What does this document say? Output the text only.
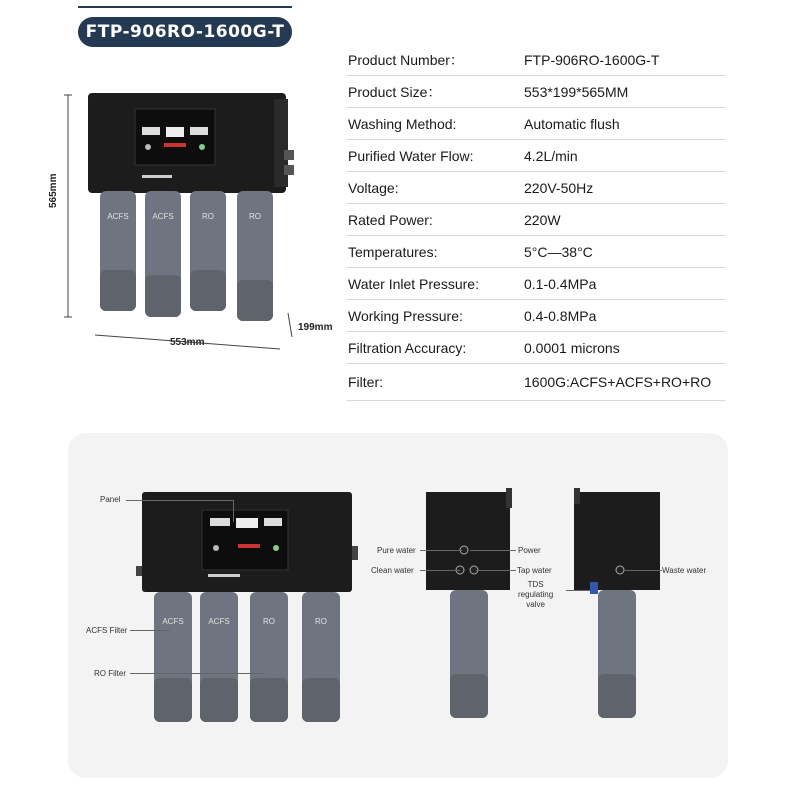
FTP-906RO-1600G-T
ACFS	ACFS	RO	RO
565mm
553mm
199mm
Product Number：	FTP-906RO-1600G-T
Product Size：	553*199*565MM
Washing Method:	Automatic flush
Purified Water Flow:	4.2L/min
Voltage:	220V-50Hz
Rated Power:	220W
Temperatures:	5°C—38°C
Water Inlet Pressure:	0.1-0.4MPa
Working Pressure:	0.4-0.8MPa
Filtration Accuracy:	0.0001 microns
Filter:	1600G:ACFS+ACFS+RO+RO
ACFS	ACFS	RO	RO
Panel
ACFS Filter
RO Filter
Pure water
Clean water
Power
Tap water	Waste water
TDS
regulating
valve
